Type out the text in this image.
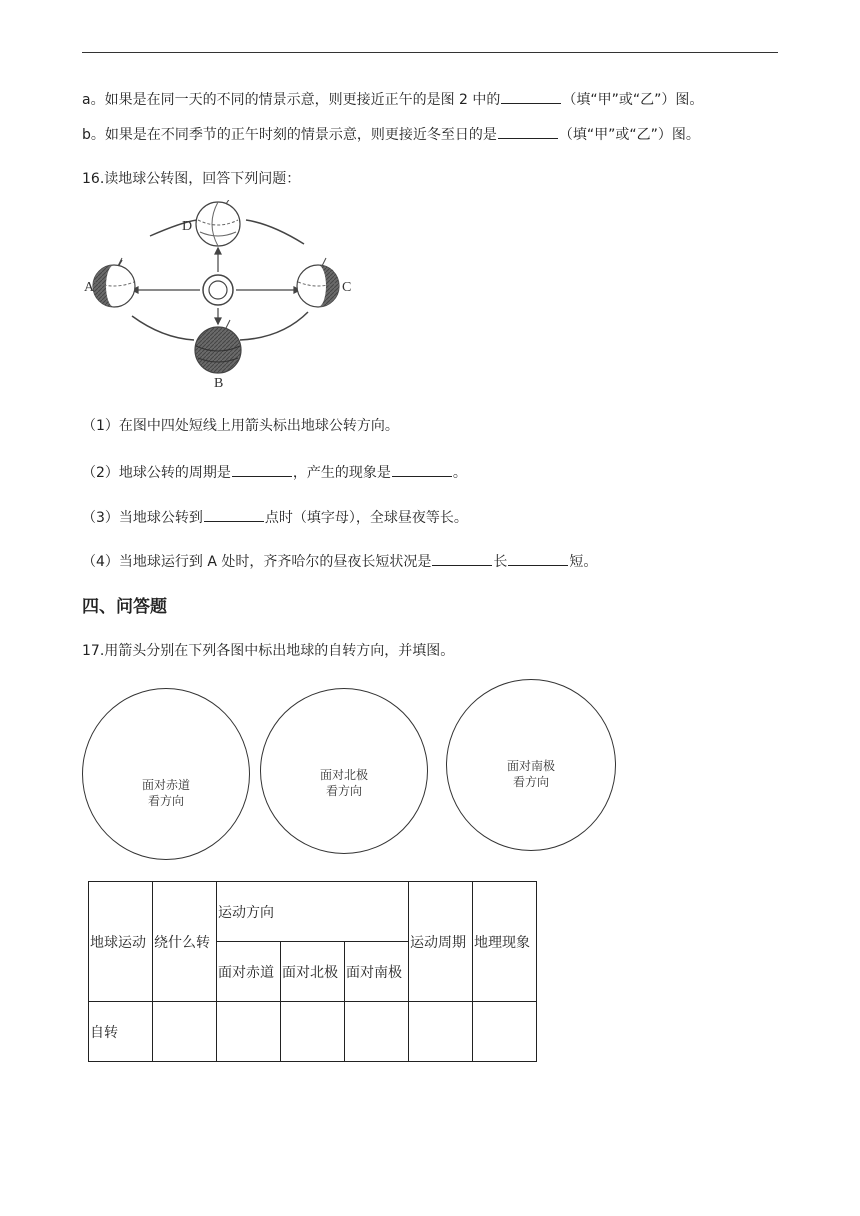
a。如果是在同一天的不同的情景示意，则更接近正午的是图 2 中的	（填“甲”或“乙”）图。
b。如果是在不同季节的正午时刻的情景示意，则更接近冬至日的是	（填“甲”或“乙”）图。
16.读地球公转图，回答下列问题：
D
A	C
B
（1）在图中四处短线上用箭头标出地球公转方向。
（2）地球公转的周期是	，产生的现象是	。
（3）当地球公转到	点时（填字母），全球昼夜等长。
（4）当地球运行到 A 处时，齐齐哈尔的昼夜长短状况是	长	短。
四、问答题
17.用箭头分别在下列各图中标出地球的自转方向，并填图。
面对赤道
看方向
面对北极
看方向
面对南极
看方向
地球运动	绕什么转	运动方向			运动周期	地理现象
		面对赤道	面对北极	面对南极		
自转						
